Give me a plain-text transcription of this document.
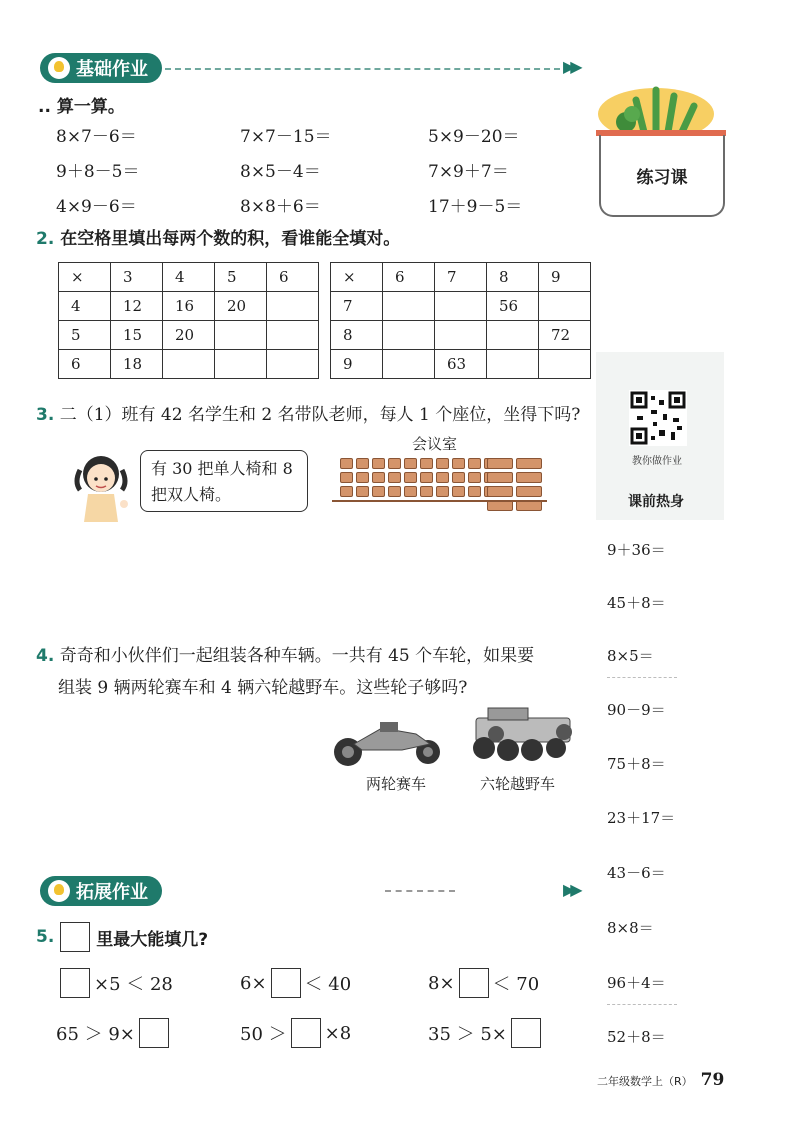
基础作业	▶▶
.. 算一算。
8×7－6＝	7×7－15＝	5×9－20＝
9＋8－5＝	8×5－4＝	7×9＋7＝
4×9－6＝	8×8＋6＝	17＋9－5＝
2. 在空格里填出每两个数的积，看谁能全填对。
×	3	4	5	6
4	12	16	20	
5	15	20		
6	18			
×	6	7	8	9
7			56	
8				72
9		63		
3. 二（1）班有 42 名学生和 2 名带队老师，每人 1 个座位，坐得下吗?
有 30 把单人椅和 8
把双人椅。
会议室
4. 奇奇和小伙伴们一起组装各种车辆。一共有 45 个车轮，如果要
组装 9 辆两轮赛车和 4 辆六轮越野车。这些轮子够吗?
两轮赛车	六轮越野车
拓展作业	▶▶
5. 里最大能填几?
×5 ＜ 28	6× ＜ 40	8× ＜ 70
65 ＞ 9×	50 ＞ ×8	35 ＞ 5×
练习课
教你做作业
课前热身
9＋36＝
45＋8＝
8×5＝
90－9＝
75＋8＝
23＋17＝
43－6＝
8×8＝
96＋4＝
52＋8＝
二年级数学上（R） 79
